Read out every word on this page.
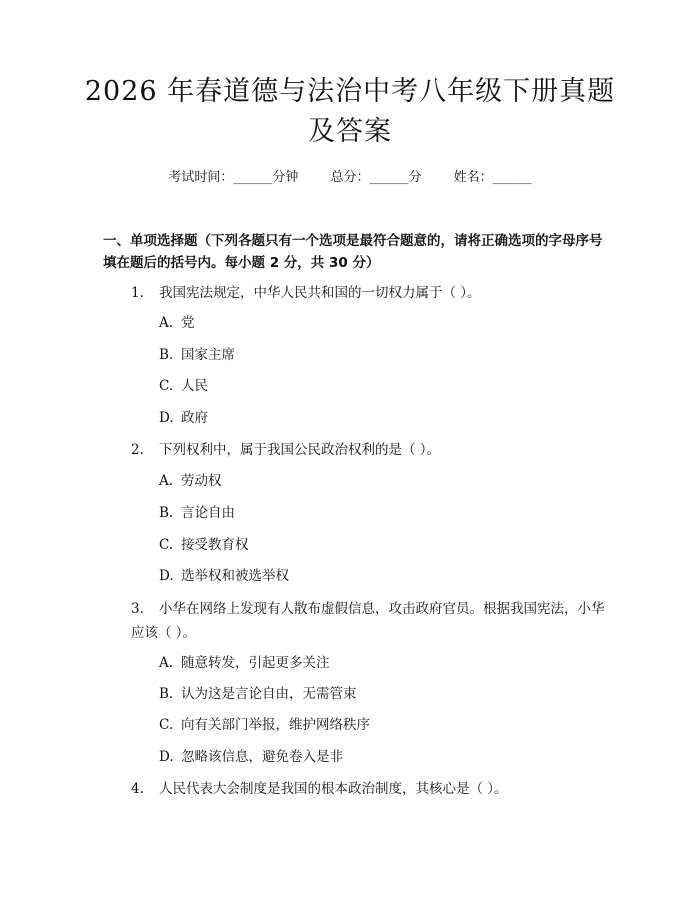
2026 年春道德与法治中考八年级下册真题及答案
考试时间：______分钟 总分：______分 姓名：______
一、单项选择题（下列各题只有一个选项是最符合题意的，请将正确选项的字母序号填在题后的括号内。每小题 2 分，共 30 分）
1. 我国宪法规定，中华人民共和国的一切权力属于（ ）。
A. 党
B. 国家主席
C. 人民
D. 政府
2. 下列权利中，属于我国公民政治权利的是（ ）。
A. 劳动权
B. 言论自由
C. 接受教育权
D. 选举权和被选举权
3. 小华在网络上发现有人散布虚假信息，攻击政府官员。根据我国宪法，小华应该（ ）。
A. 随意转发，引起更多关注
B. 认为这是言论自由，无需管束
C. 向有关部门举报，维护网络秩序
D. 忽略该信息，避免卷入是非
4. 人民代表大会制度是我国的根本政治制度，其核心是（ ）。
